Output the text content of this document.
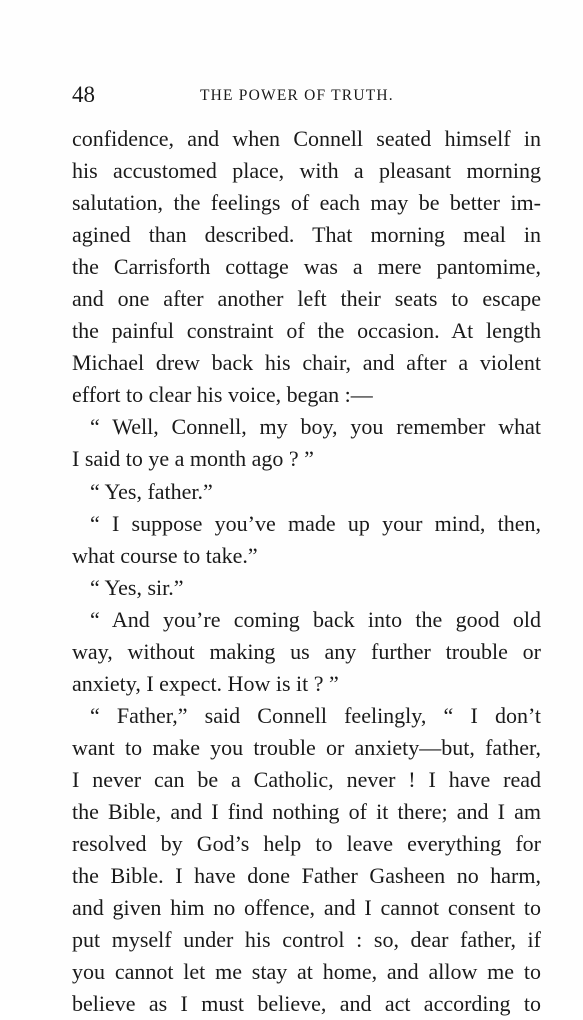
48	THE POWER OF TRUTH.
confidence, and when Connell seated himself in
his accustomed place, with a pleasant morning
salutation, the feelings of each may be better im-
agined than described. That morning meal in
the Carrisforth cottage was a mere pantomime,
and one after another left their seats to escape
the painful constraint of the occasion. At length
Michael drew back his chair, and after a violent
effort to clear his voice, began :—
“ Well, Connell, my boy, you remember what
I said to ye a month ago ? ”
“ Yes, father.”
“ I suppose you’ve made up your mind, then,
what course to take.”
“ Yes, sir.”
“ And you’re coming back into the good old
way, without making us any further trouble or
anxiety, I expect. How is it ? ”
“ Father,” said Connell feelingly, “ I don’t
want to make you trouble or anxiety—but, father,
I never can be a Catholic, never ! I have read
the Bible, and I find nothing of it there; and I am
resolved by God’s help to leave everything for
the Bible. I have done Father Gasheen no harm,
and given him no offence, and I cannot consent to
put myself under his control : so, dear father, if
you cannot let me stay at home, and allow me to
believe as I must believe, and act according to
